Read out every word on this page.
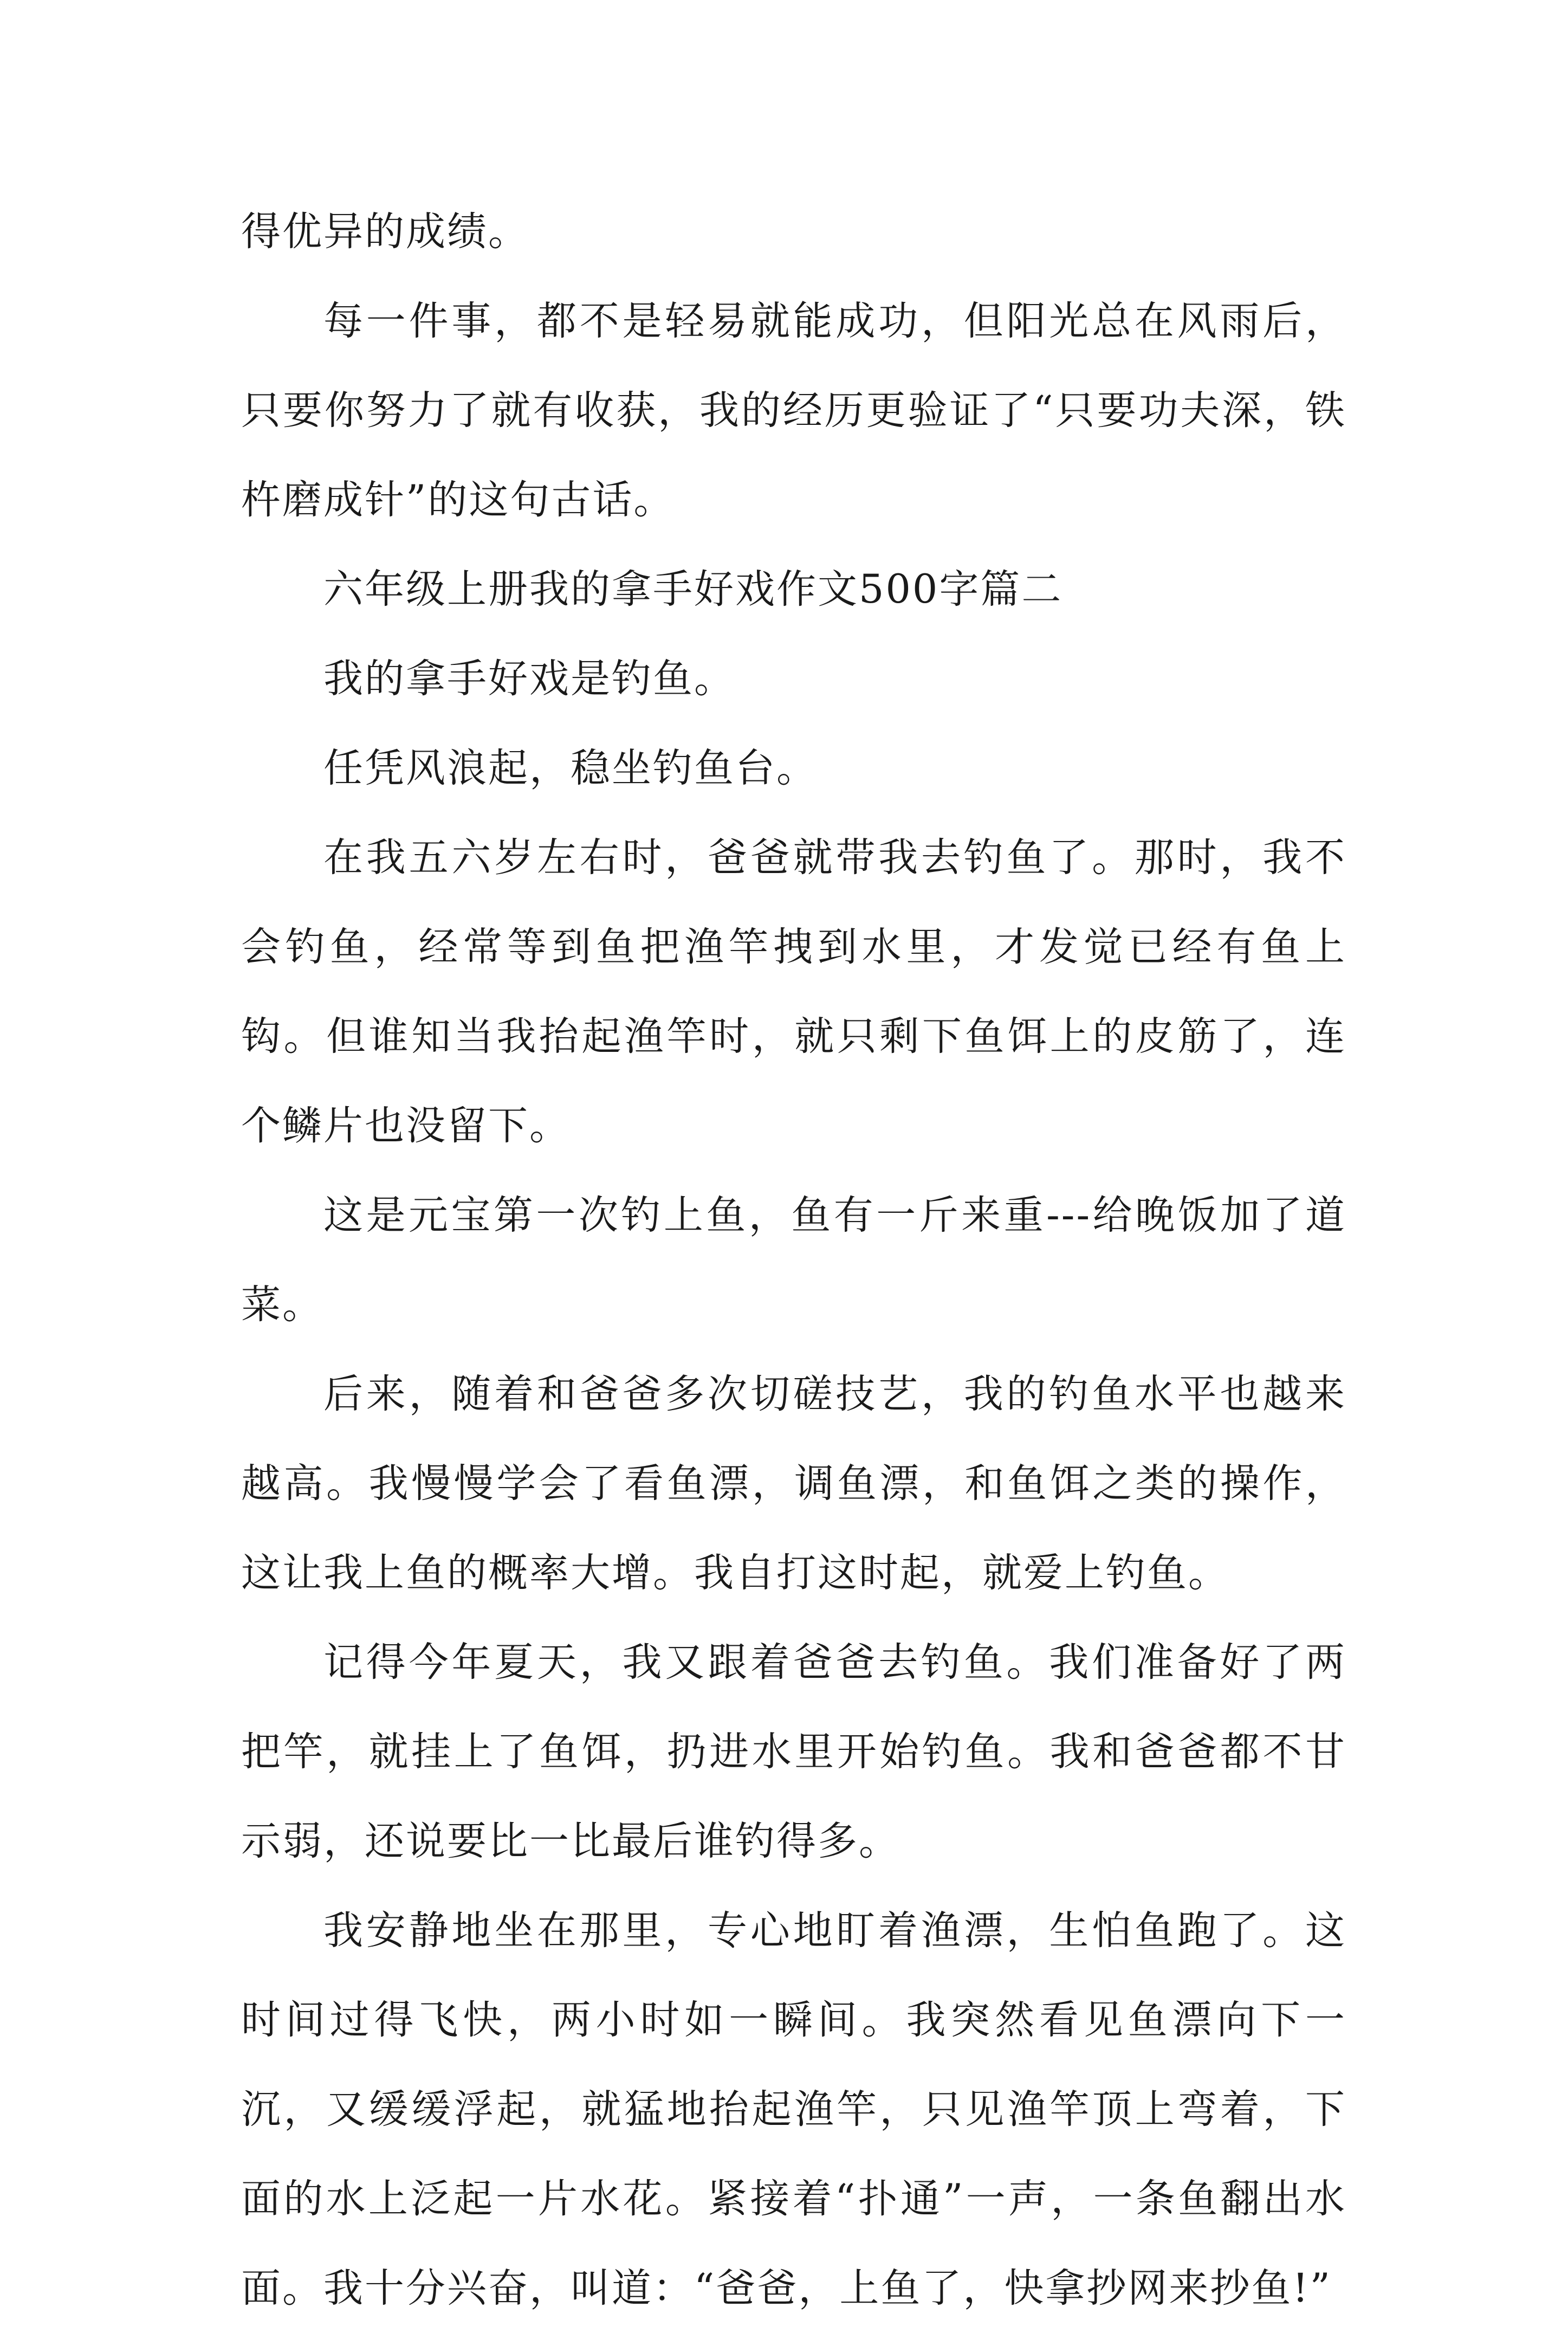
得优异的成绩。

每一件事，都不是轻易就能成功，但阳光总在风雨后，只要你努力了就有收获，我的经历更验证了“只要功夫深，铁杵磨成针”的这句古话。

六年级上册我的拿手好戏作文500字篇二

我的拿手好戏是钓鱼。

任凭风浪起，稳坐钓鱼台。

在我五六岁左右时，爸爸就带我去钓鱼了。那时，我不会钓鱼，经常等到鱼把渔竿拽到水里，才发觉已经有鱼上钩。但谁知当我抬起渔竿时，就只剩下鱼饵上的皮筋了，连个鳞片也没留下。

这是元宝第一次钓上鱼，鱼有一斤来重---给晚饭加了道菜。

后来，随着和爸爸多次切磋技艺，我的钓鱼水平也越来越高。我慢慢学会了看鱼漂，调鱼漂，和鱼饵之类的操作，这让我上鱼的概率大增。我自打这时起，就爱上钓鱼。

记得今年夏天，我又跟着爸爸去钓鱼。我们准备好了两把竿，就挂上了鱼饵，扔进水里开始钓鱼。我和爸爸都不甘示弱，还说要比一比最后谁钓得多。

我安静地坐在那里，专心地盯着渔漂，生怕鱼跑了。这时间过得飞快，两小时如一瞬间。我突然看见鱼漂向下一沉，又缓缓浮起，就猛地抬起渔竿，只见渔竿顶上弯着，下面的水上泛起一片水花。紧接着“扑通”一声，一条鱼翻出水面。我十分兴奋，叫道：“爸爸，上鱼了，快拿抄网来抄鱼!”
